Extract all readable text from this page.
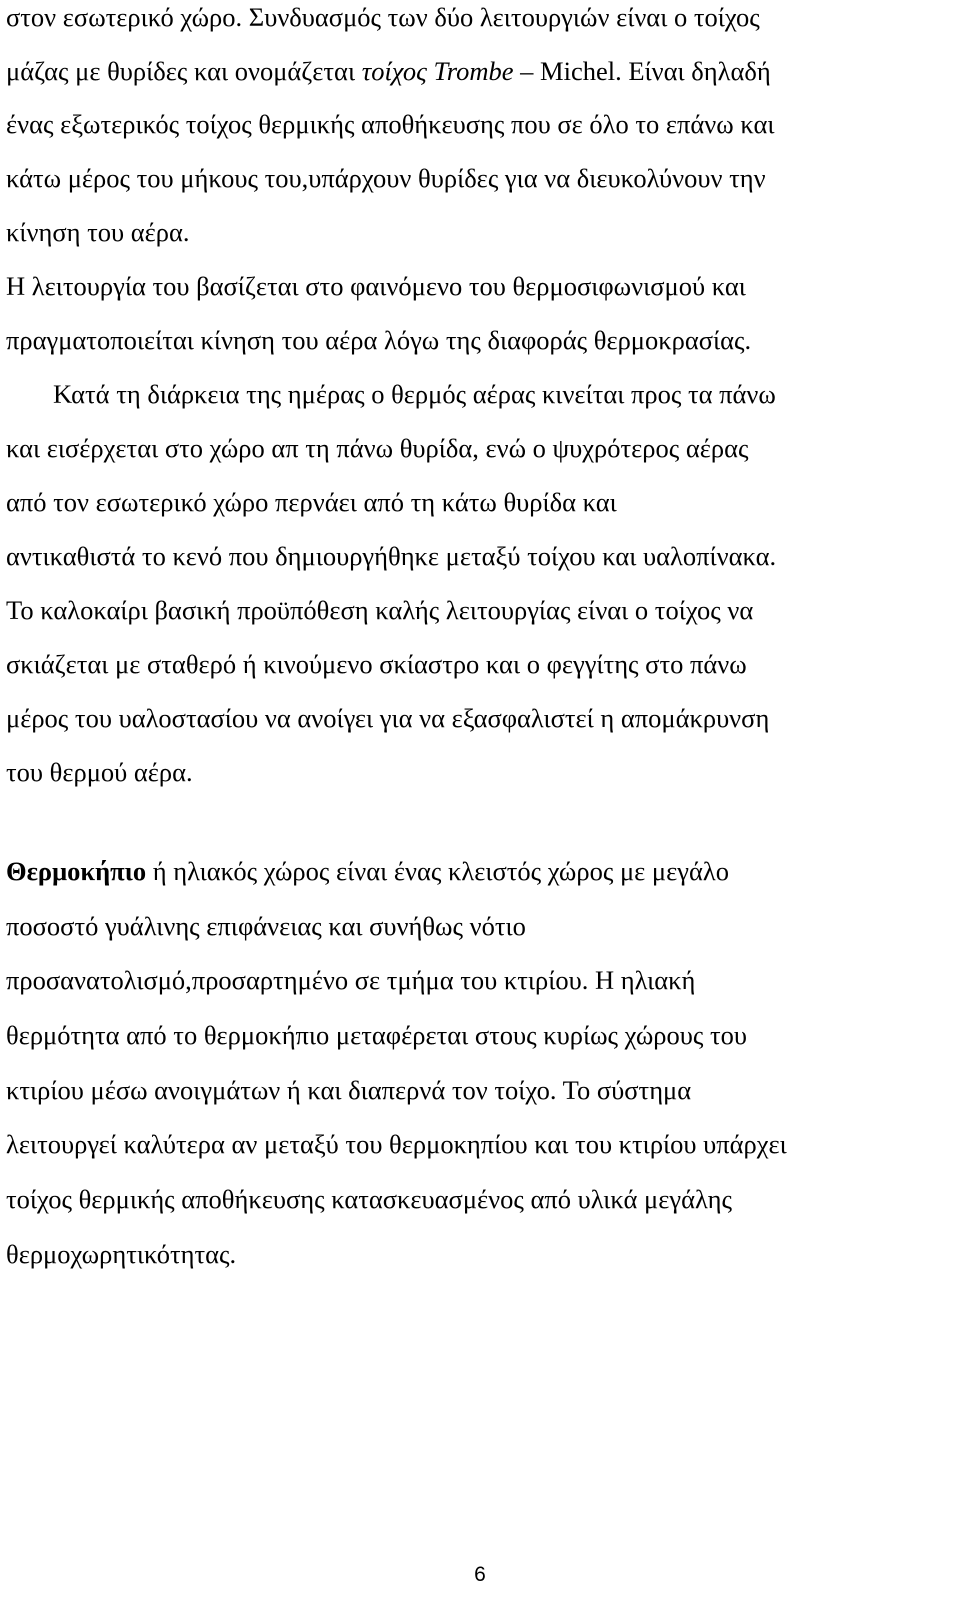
στον εσωτερικό χώρο. Συνδυασμός των δύο λειτουργιών είναι ο τοίχος
μάζας με θυρίδες και ονομάζεται τοίχος Trombe – Michel. Είναι δηλαδή
ένας εξωτερικός τοίχος θερμικής αποθήκευσης που σε όλο το επάνω και
κάτω μέρος του μήκους του,υπάρχουν θυρίδες για να διευκολύνουν την
κίνηση του αέρα.
Η λειτουργία του βασίζεται στο φαινόμενο του θερμοσιφωνισμού και
πραγματοποιείται κίνηση του αέρα λόγω της διαφοράς θερμοκρασίας.
Κατά τη διάρκεια της ημέρας ο θερμός αέρας κινείται προς τα πάνω
και εισέρχεται στο χώρο απ τη πάνω θυρίδα, ενώ ο ψυχρότερος αέρας
από τον εσωτερικό χώρο περνάει από τη κάτω θυρίδα και
αντικαθιστά το κενό που δημιουργήθηκε μεταξύ τοίχου και υαλοπίνακα.
Το καλοκαίρι βασική προϋπόθεση καλής λειτουργίας είναι ο τοίχος να
σκιάζεται με σταθερό ή κινούμενο σκίαστρο και ο φεγγίτης στο πάνω
μέρος του υαλοστασίου να ανοίγει για να εξασφαλιστεί η απομάκρυνση
του θερμού αέρα.
Θερμοκήπιο ή ηλιακός χώρος είναι ένας κλειστός χώρος με μεγάλο
ποσοστό γυάλινης επιφάνειας και συνήθως νότιο
προσανατολισμό,προσαρτημένο σε τμήμα του κτιρίου. Η ηλιακή
θερμότητα από το θερμοκήπιο μεταφέρεται στους κυρίως χώρους του
κτιρίου μέσω ανοιγμάτων ή και διαπερνά τον τοίχο. Το σύστημα
λειτουργεί καλύτερα αν μεταξύ του θερμοκηπίου και του κτιρίου υπάρχει
τοίχος θερμικής αποθήκευσης κατασκευασμένος από υλικά μεγάλης
θερμοχωρητικότητας.
6
